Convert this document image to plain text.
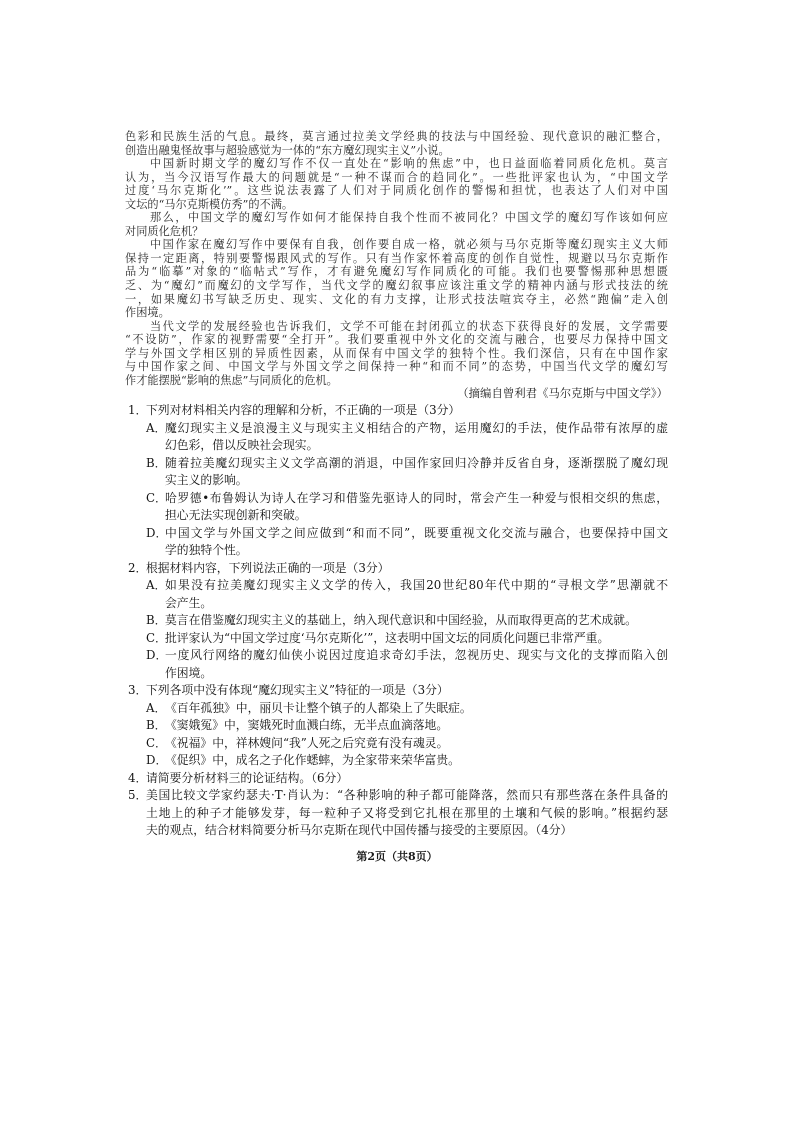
色彩和民族生活的气息。最终，莫言通过拉美文学经典的技法与中国经验、现代意识的融汇整合，
创造出融鬼怪故事与超验感觉为一体的“东方魔幻现实主义”小说。
中国新时期文学的魔幻写作不仅一直处在“影响的焦虑”中，也日益面临着同质化危机。莫言
认为，当今汉语写作最大的问题就是“一种不谋而合的趋同化”。一些批评家也认为，“中国文学
过度‘马尔克斯化’”。这些说法表露了人们对于同质化创作的警惕和担忧，也表达了人们对中国
文坛的“马尔克斯模仿秀”的不满。
那么，中国文学的魔幻写作如何才能保持自我个性而不被同化？中国文学的魔幻写作该如何应
对同质化危机？
中国作家在魔幻写作中要保有自我，创作要自成一格，就必须与马尔克斯等魔幻现实主义大师
保持一定距离，特别要警惕跟风式的写作。只有当作家怀着高度的创作自觉性，规避以马尔克斯作
品为“临摹”对象的“临帖式”写作，才有避免魔幻写作同质化的可能。我们也要警惕那种思想匮
乏、为“魔幻”而魔幻的文学写作，当代文学的魔幻叙事应该注重文学的精神内涵与形式技法的统
一，如果魔幻书写缺乏历史、现实、文化的有力支撑，让形式技法喧宾夺主，必然“跑偏”走入创
作困境。
当代文学的发展经验也告诉我们，文学不可能在封闭孤立的状态下获得良好的发展，文学需要
“不设防”，作家的视野需要“全打开”。我们要重视中外文化的交流与融合，也要尽力保持中国文
学与外国文学相区别的异质性因素，从而保有中国文学的独特个性。我们深信，只有在中国作家
与中国作家之间、中国文学与外国文学之间保持一种“和而不同”的态势，中国当代文学的魔幻写
作才能摆脱“影响的焦虑”与同质化的危机。
（摘编自曾利君《马尔克斯与中国文学》）
1．
下列对材料相关内容的理解和分析，不正确的一项是（3分）
A．
魔幻现实主义是浪漫主义与现实主义相结合的产物，运用魔幻的手法，使作品带有浓厚的虚
幻色彩，借以反映社会现实。
B．
随着拉美魔幻现实主义文学高潮的消退，中国作家回归冷静并反省自身，逐渐摆脱了魔幻现
实主义的影响。
C．
哈罗德•布鲁姆认为诗人在学习和借鉴先驱诗人的同时，常会产生一种爱与恨相交织的焦虑，
担心无法实现创新和突破。
D．
中国文学与外国文学之间应做到“和而不同”，既要重视文化交流与融合，也要保持中国文
学的独特个性。
2．
根据材料内容，下列说法正确的一项是（3分）
A．
如果没有拉美魔幻现实主义文学的传入，我国20世纪80年代中期的“寻根文学”思潮就不
会产生。
B．
莫言在借鉴魔幻现实主义的基础上，纳入现代意识和中国经验，从而取得更高的艺术成就。
C．
批评家认为“中国文学过度‘马尔克斯化’”，这表明中国文坛的同质化问题已非常严重。
D．
一度风行网络的魔幻仙侠小说因过度追求奇幻手法，忽视历史、现实与文化的支撑而陷入创
作困境。
3．
下列各项中没有体现“魔幻现实主义”特征的一项是（3分）
A．
《百年孤独》中，丽贝卡让整个镇子的人都染上了失眠症。
B．
《窦娥冤》中，窦娥死时血溅白练，无半点血滴落地。
C．
《祝福》中，祥林嫂问“我”人死之后究竟有没有魂灵。
D．
《促织》中，成名之子化作蟋蟀，为全家带来荣华富贵。
4．
请简要分析材料三的论证结构。（6分）
5．
美国比较文学家约瑟夫·T·肖认为：“各种影响的种子都可能降落，然而只有那些落在条件具备的
土地上的种子才能够发芽，每一粒种子又将受到它扎根在那里的土壤和气候的影响。”根据约瑟
夫的观点，结合材料简要分析马尔克斯在现代中国传播与接受的主要原因。（4分）
第2页（共8页）
